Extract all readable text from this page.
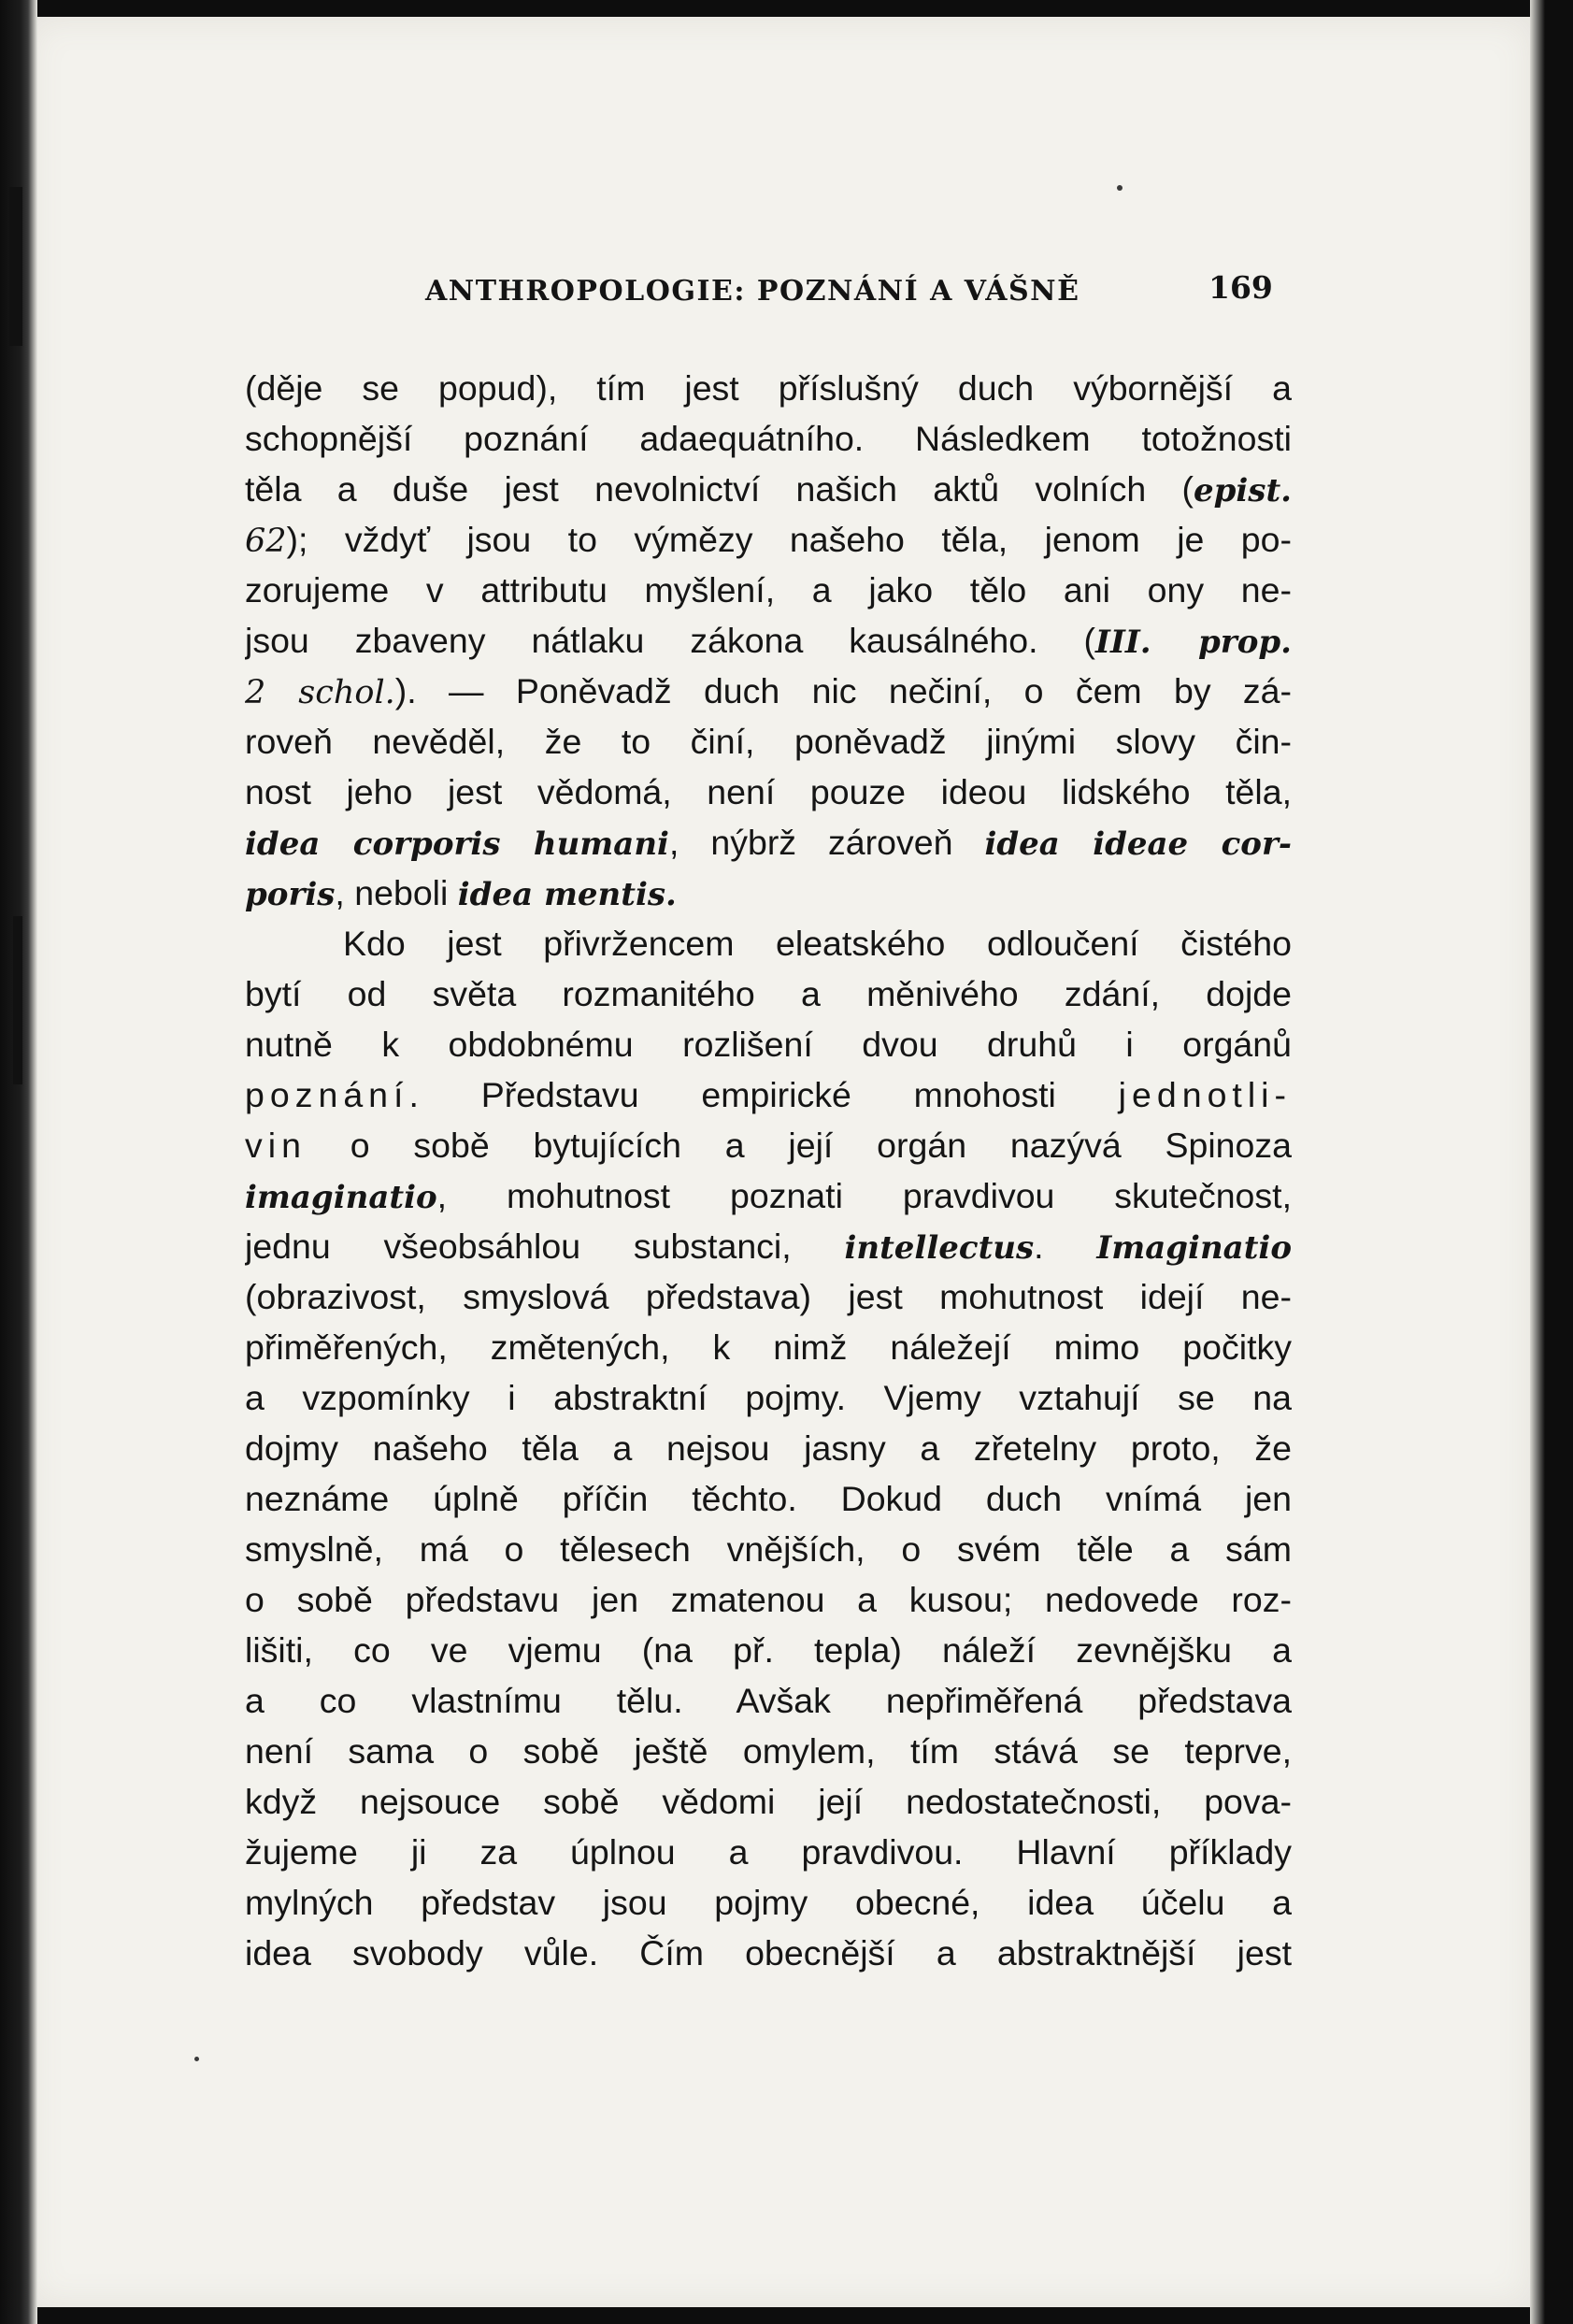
ANTHROPOLOGIE: POZNÁNÍ A VÁŠNĚ	169
(děje se popud), tím jest příslušný duch výbornější a
schopnější poznání adaequátního. Následkem totožnosti
těla a duše jest nevolnictví našich aktů volních (epist.
62); vždyť jsou to výmězy našeho těla, jenom je po-
zorujeme v attributu myšlení, a jako tělo ani ony ne-
jsou zbaveny nátlaku zákona kausálného. (III. prop.
2 schol.). — Poněvadž duch nic nečiní, o čem by zá-
roveň nevěděl, že to činí, poněvadž jinými slovy čin-
nost jeho jest vědomá, není pouze ideou lidského těla,
idea corporis humani, nýbrž zároveň idea ideae cor-
poris, neboli idea mentis.
Kdo jest přivržencem eleatského odloučení čistého
bytí od světa rozmanitého a měnivého zdání, dojde
nutně k obdobnému rozlišení dvou druhů i orgánů
poznání. Představu empirické mnohosti jednotli-
vin o sobě bytujících a její orgán nazývá Spinoza
imaginatio, mohutnost poznati pravdivou skutečnost,
jednu všeobsáhlou substanci, intellectus. Imaginatio
(obrazivost, smyslová představa) jest mohutnost idejí ne-
přiměřených, změtených, k nimž náležejí mimo počitky
a vzpomínky i abstraktní pojmy. Vjemy vztahují se na
dojmy našeho těla a nejsou jasny a zřetelny proto, že
neznáme úplně příčin těchto. Dokud duch vnímá jen
smyslně, má o tělesech vnějších, o svém těle a sám
o sobě představu jen zmatenou a kusou; nedovede roz-
lišiti, co ve vjemu (na př. tepla) náleží zevnějšku a
a co vlastnímu tělu. Avšak nepřiměřená představa
není sama o sobě ještě omylem, tím stává se teprve,
když nejsouce sobě vědomi její nedostatečnosti, pova-
žujeme ji za úplnou a pravdivou. Hlavní příklady
mylných představ jsou pojmy obecné, idea účelu a
idea svobody vůle. Čím obecnější a abstraktnější jest
